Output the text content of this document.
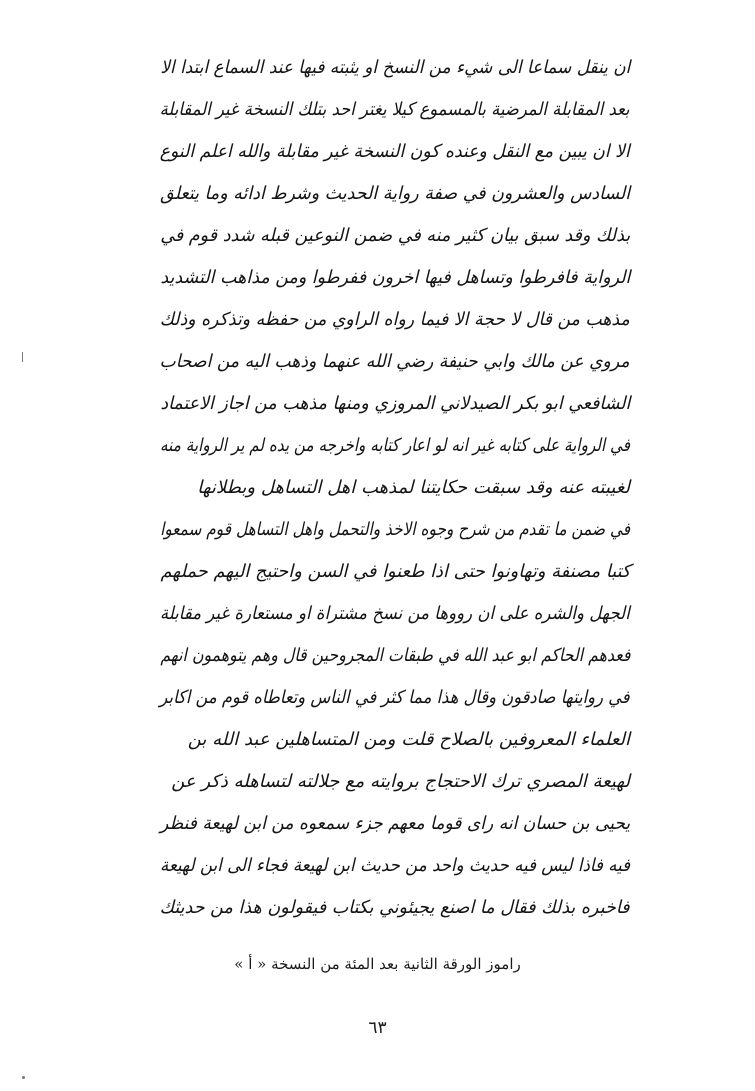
ان ينقل سماعا الى شيء من النسخ او يثبته فيها عند السماع ابتدا الا
بعد المقابلة المرضية بالمسموع كيلا يغتر احد بتلك النسخة غير المقابلة
الا ان يبين مع النقل وعنده كون النسخة غير مقابلة والله اعلم النوع
السادس والعشرون في صفة رواية الحديث وشرط ادائه وما يتعلق
بذلك وقد سبق بيان كثير منه في ضمن النوعين قبله شدد قوم في
الرواية فافرطوا وتساهل فيها اخرون ففرطوا ومن مذاهب التشديد
مذهب من قال لا حجة الا فيما رواه الراوي من حفظه وتذكره وذلك
مروي عن مالك وابي حنيفة رضي الله عنهما وذهب اليه من اصحاب
الشافعي ابو بكر الصيدلاني المروزي ومنها مذهب من اجاز الاعتماد
في الرواية على كتابه غير انه لو اعار كتابه واخرجه من يده لم ير الرواية منه
لغيبته عنه وقد سبقت حكايتنا لمذهب اهل التساهل وبطلانها
في ضمن ما تقدم من شرح وجوه الاخذ والتحمل واهل التساهل قوم سمعوا
كتبا مصنفة وتهاونوا حتى اذا طعنوا في السن واحتيج اليهم حملهم
الجهل والشره على ان رووها من نسخ مشتراة او مستعارة غير مقابلة
فعدهم الحاكم ابو عبد الله في طبقات المجروحين قال وهم يتوهمون انهم
في روايتها صادقون وقال هذا مما كثر في الناس وتعاطاه قوم من اكابر
العلماء المعروفين بالصلاح قلت ومن المتساهلين عبد الله بن
لهيعة المصري ترك الاحتجاج بروايته مع جلالته لتساهله ذكر عن
يحيى بن حسان انه راى قوما معهم جزء سمعوه من ابن لهيعة فنظر
فيه فاذا ليس فيه حديث واحد من حديث ابن لهيعة فجاء الى ابن لهيعة
فاخبره بذلك فقال ما اصنع يجيئوني بكتاب فيقولون هذا من حديثك
راموز الورقة الثانية بعد المئة من النسخة « أ »
٦٣
